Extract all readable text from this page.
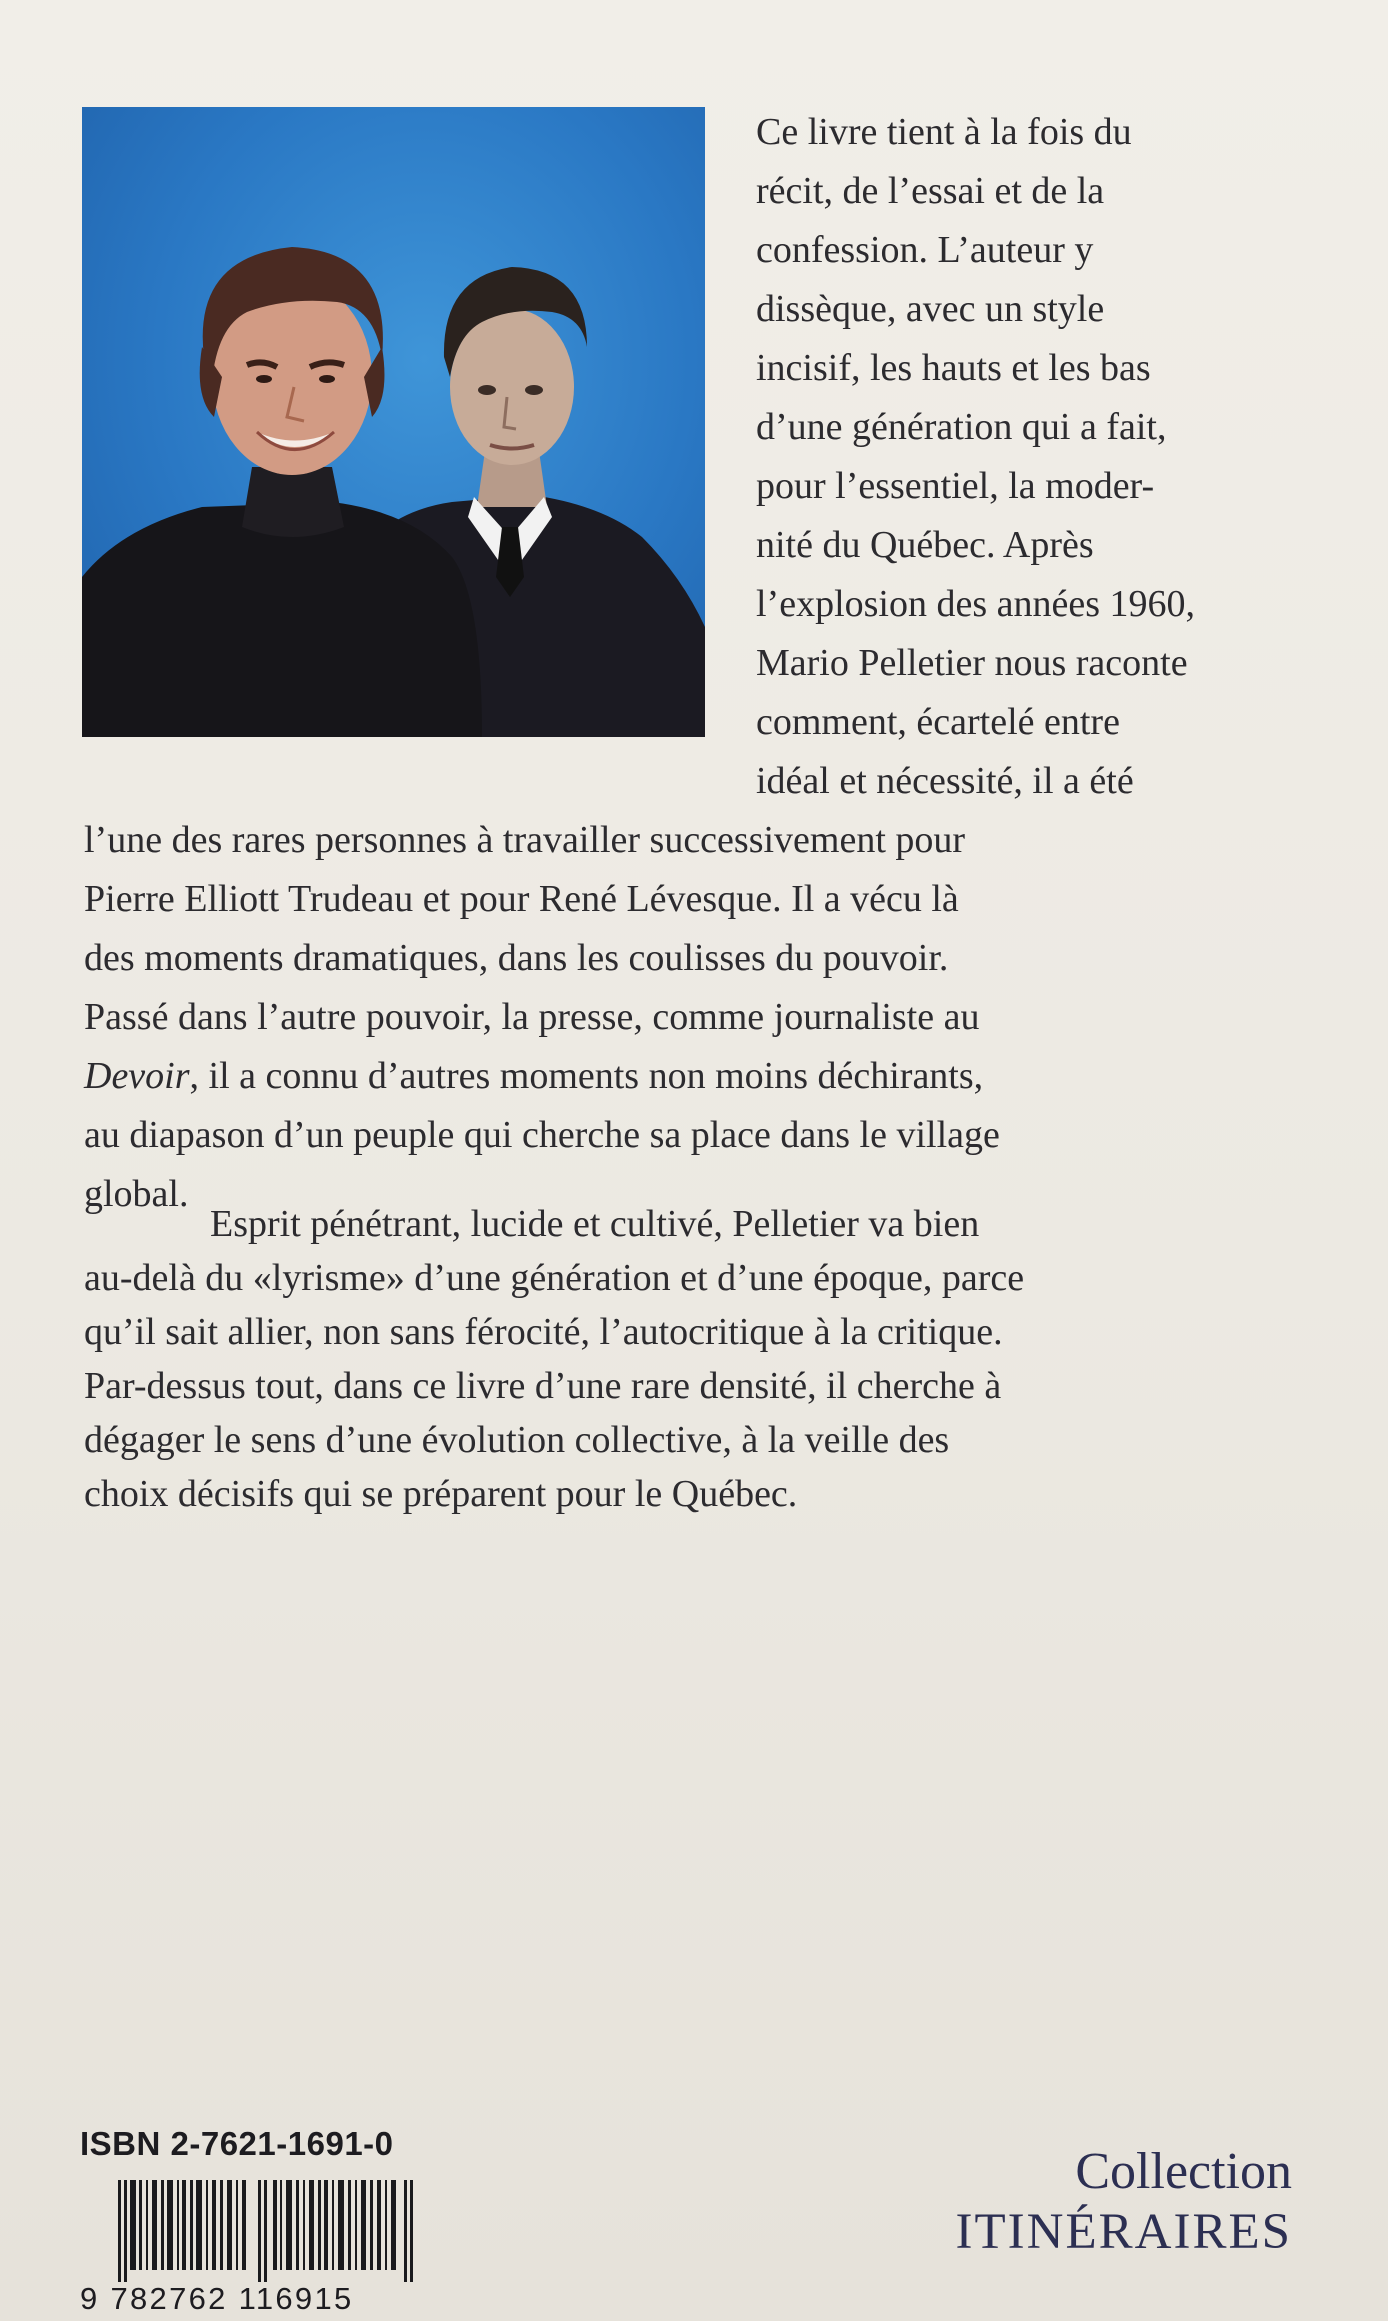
Ce livre tient à la fois du
récit, de l’essai et de la
confession. L’auteur y
dissèque, avec un style
incisif, les hauts et les bas
d’une génération qui a fait,
pour l’essentiel, la moder-
nité du Québec. Après
l’explosion des années 1960,
Mario Pelletier nous raconte
comment, écartelé entre
idéal et nécessité, il a été
l’une des rares personnes à travailler successivement pour
Pierre Elliott Trudeau et pour René Lévesque. Il a vécu là
des moments dramatiques, dans les coulisses du pouvoir.
Passé dans l’autre pouvoir, la presse, comme journaliste au
Devoir, il a connu d’autres moments non moins déchirants,
au diapason d’un peuple qui cherche sa place dans le village
global.
Esprit pénétrant, lucide et cultivé, Pelletier va bien
au-delà du «lyrisme» d’une génération et d’une époque, parce
qu’il sait allier, non sans férocité, l’autocritique à la critique.
Par-dessus tout, dans ce livre d’une rare densité, il cherche à
dégager le sens d’une évolution collective, à la veille des
choix décisifs qui se préparent pour le Québec.
ISBN 2-7621-1691-0
9 782762 116915
Collection
ITINÉRAIRES
